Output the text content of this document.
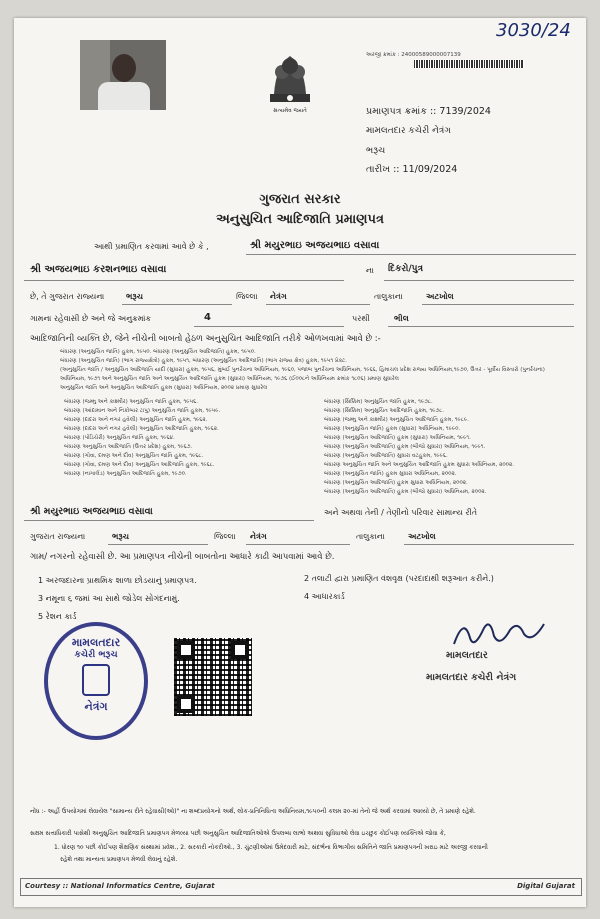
3030/24
સત્યમેવ જયતે
અરજી ક્રમાંક : 24000589000007139
પ્રમાણપત્ર ક્રમાંક :: 7139/2024
મામલતદાર કચેરી નેત્રંગ
ભરૂચ
તારીખ :: 11/09/2024
ગુજરાત સરકાર
અનુસુચિત આદિજાતિ પ્રમાણપત્ર
આથી પ્રમાણિત કરવામાં આવે છે કે ,	શ્રી મયુરભાઇ અજયભાઇ વસાવા
શ્રી અજયભાઇ કરશનભાઇ વસાવા	ના દિકરો/પુત્ર
છે, તે ગુજરાત રાજ્યના	ભરૂચ	જિલ્લા નેત્રંગ	તાલુકાના	અટખોલ
ગામના રહેવાસી છે અને જે અનુક્રમાંક	4	પરથી	ભીલ
આદિજાતિની વ્યક્તિ છે, જેને નીચેની બાબતો હેઠળ અનુસુચિત આદિજાતિ તરીકે ઓળખવામાં આવે છે :-
બંધારણ (અનુસુચિત જાતિ) હુકમ, ૧૯૫૦. બંધારણ (અનુસુચિત આદિજાતિ) હુકમ, ૧૯૫૦.
બંધારણ (અનુસુચિત જાતિ) (ભાગ રાજ્યક્ષેત્રો) હુકમ, ૧૯૫૧, બંધારણ (અનુસુચિત આદિજાતિ) (ભાગ રાજ્ય ક્ષેત્ર) હુકમ, ૧૯૫૧ પ્રેક્ટ.
(અનુસુચિત જાતિ / અનુસુચિત આદિજાતિ યાદી (સુધારા) હુકમ, ૧૯૫૬, મુંબઈ પુનર્રચના અધિનિયમ, ૧૯૬૦, પંજાબ પુનર્રચના અધિનિયમ, ૧૯૬૬, હિમાચલ પ્રદેશ રાજ્ય અધિનિયમ,૧૯૭૦, ઉત્તર - પૂર્વીય વિસ્તારો (પુનર્રચના)
અધિનિયમ, ૧૯૭૧ અને અનુસુચિત જાતિ અને અનુસુચિત આદિજાતિ હુકમ (સુધારા) અધિનિયમ, ૧૯૭૬ (ઈ૦૦૮ને અધિનિયમ ક્રમાંક ૧૮૦૬) પ્રમાણ સુધારેલ
અનુસુચિત જાતિ અને અનુસુચિત આદિજાતિ હુકમ (સુધારા) અધિનિયમ, ૨૦૦૨ પ્રમાણ સુધારેલ
બંધારણ (જમ્મુ અને કાશ્મીર) અનુસુચિત જાતિ હુકમ, ૧૯૫૬.
બંધારણ (આંદામાન અને નિકોબાર ટાપુ) અનુસુચિત જાતિ હુકમ, ૧૯૫૯.
બંધારણ (દાદરા અને નગર હવેલી) અનુસુચિત જાતિ હુકમ, ૧૯૬૨.
બંધારણ (દાદરા અને નગર હવેલી) અનુસુચિત આદિજાતિ હુકમ, ૧૯૬૨.
બંધારણ (પોંડિચેરી) અનુસુચિત જાતિ હુકમ, ૧૯૬૪.
બંધારણ અનુસુચિત આદિજાતિ (ઉત્તર પ્રદેશ) હુકમ, ૧૯૬૭.
બંધારણ (ગોવા, દમણ અને દીવ) અનુસુચિત જાતિ હુકમ, ૧૯૬૮.
બંધારણ (ગોવા, દમણ અને દીવ) અનુસુચિત આદિજાતિ હુકમ, ૧૯૬૮.
બંધારણ (નાગાલેંડ) અનુસુચિત આદિજાતિ હુકમ, ૧૯૭૦.
બંધારણ (સિક્કિમ) અનુસુચિત જાતિ હુકમ, ૧૯૭૮.
બંધારણ (સિક્કિમ) અનુસુચિત આદિજાતિ હુકમ, ૧૯૭૮.
બંધારણ (જમ્મુ અને કાશ્મીર) અનુસુચિત આદિજાતિ હુકમ, ૧૯૮૯.
બંધારણ (અનુસુચિત જાતિ) હુકમ (સુધારા) અધિનિયમ, ૧૯૯૦.
બંધારણ (અનુસુચિત આદિજાતિ) હુકમ (સુધારા) અધિનિયમ, ૧૯૯૧.
બંધારણ (અનુસુચિત આદિજાતિ) હુકમ (બીજો સુધારા) અધિનિયમ, ૧૯૯૧.
બંધારણ (અનુસુચિત આદિજાતિ) સુધારા વટહુકમ, ૧૯૯૬.
બંધારણ અનુસુચિત જાતિ અને અનુસુચિત આદિજાતિ હુકમ સુધારા અધિનિયમ, ૨૦૦૨.
બંધારણ (અનુસુચિત જાતિ) હુકમ સુધારા અધિનિયમ, ૨૦૦૨.
બંધારણ (અનુસુચિત આદિજાતિ) હુકમ સુધારા અધિનિયમ, ૨૦૦૨.
બંધારણ (અનુસુચિત આદિજાતિ) હુકમ (બીજો સુધારા) અધિનિયમ, ૨૦૦૨.
શ્રી મયુરભાઇ અજયભાઇ વસાવા	અને અથવા તેની / તેણીનો પરિવાર સામાન્ય રીતે
ગુજરાત રાજ્યના	ભરૂચ	જિલ્લા નેત્રંગ	તાલુકાના	અટખોલ
ગામ/ નગરનો રહેવાસી છે. આ પ્રમાણપત્ર નીચેની બાબતોના આધારે કાઢી આપવામાં આવે છે.
1 અરજદારના પ્રાથમિક શાળા છોડયાનું પ્રમાણપત્ર.	2 તલાટી દ્વારા પ્રમાણિત વંશવૃક્ષ (પરદાદાથી શરૂઆત કરીને.)
3 નમૂના ૬ જમાં આ સાથે જોડેલ સોગંદનામું.	4 આધારકાર્ડ
5 રેશન કાર્ડ
મામલતદાર
કચેરી ભરૂચ
નેત્રંગ
મામલતદાર
મામલતદાર કચેરી નેત્રંગ
નોંધ :- અહીં ઉપયોગમાં લેવાયેલ "સામાન્ય રીતે રહેવાસી(ઓ)" ના શબ્દપ્રયોગનો અર્થ, લોક-પ્રતિનિધિત્વ અધિનિયમ,૧૯૫૦ની કલમ ૨૦-માં તેનો જે અર્થ કરવામાં આવ્યો છે, તે પ્રમાણે રહેશે.
સક્ષમ સત્તાધિકારી પાસેથી અનુસુચિત આદિજાતિ પ્રમાણપત્ર મેળવ્યા પછી અનુસુચિત આદિજાતિઓએ ઉપલબ્ધ લાભો અથવા સુવિધાઓ લેવા ઇચ્છુક કોઈપણ વ્યક્તિએ જોવા કે,
1. ધોરણ ૧૦ પછી કોઈપણ શૈક્ષણિક સંસ્થામાં પ્રવેશ., 2. સરકારી નોકરીઓ., 3. ચુંટણીઓમાં ઉમેદવારી માટે, સંદર્ભના વિભાગીય સમિતિને જાતિ પ્રમાણપત્રની ખરાઇ માટે અરજી કરવાની
રહેશે તથા માન્યતા પ્રમાણપત્ર મેળવી લેવાનું રહેશે.
Courtesy :: National Informatics Centre, Gujarat	Digital Gujarat
